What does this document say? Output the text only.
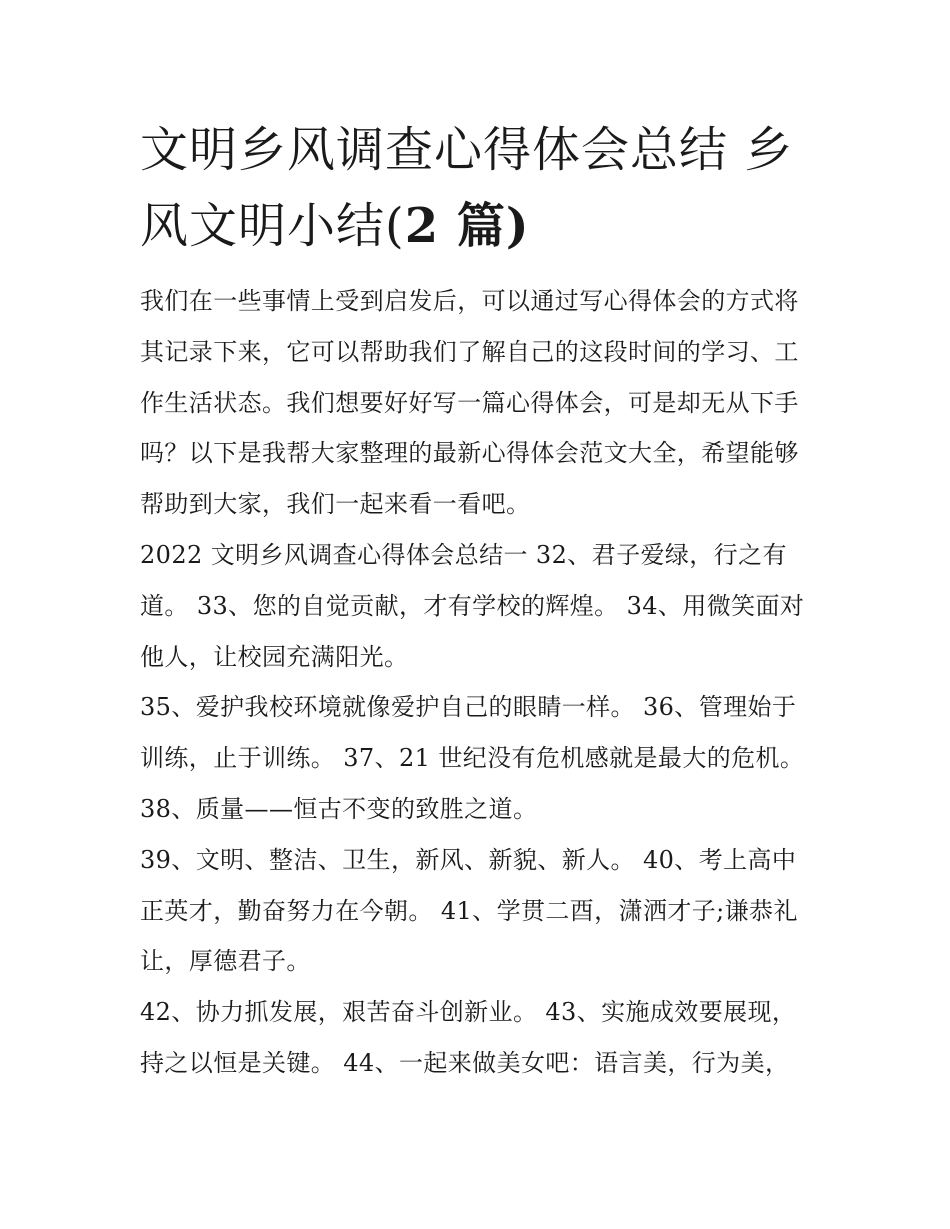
文明乡风调查心得体会总结 乡
风文明小结(2 篇)
我们在一些事情上受到启发后，可以通过写心得体会的方式将
其记录下来，它可以帮助我们了解自己的这段时间的学习、工
作生活状态。我们想要好好写一篇心得体会，可是却无从下手
吗？以下是我帮大家整理的最新心得体会范文大全，希望能够
帮助到大家，我们一起来看一看吧。
2022 文明乡风调查心得体会总结一 32、君子爱绿，行之有
道。 33、您的自觉贡献，才有学校的辉煌。 34、用微笑面对
他人，让校园充满阳光。
35、爱护我校环境就像爱护自己的眼睛一样。 36、管理始于
训练，止于训练。 37、21 世纪没有危机感就是最大的危机。
38、质量——恒古不变的致胜之道。
39、文明、整洁、卫生，新风、新貌、新人。 40、考上高中
正英才，勤奋努力在今朝。 41、学贯二酉，潇洒才子;谦恭礼
让，厚德君子。
42、协力抓发展，艰苦奋斗创新业。 43、实施成效要展现，
持之以恒是关键。 44、一起来做美女吧：语言美，行为美，
